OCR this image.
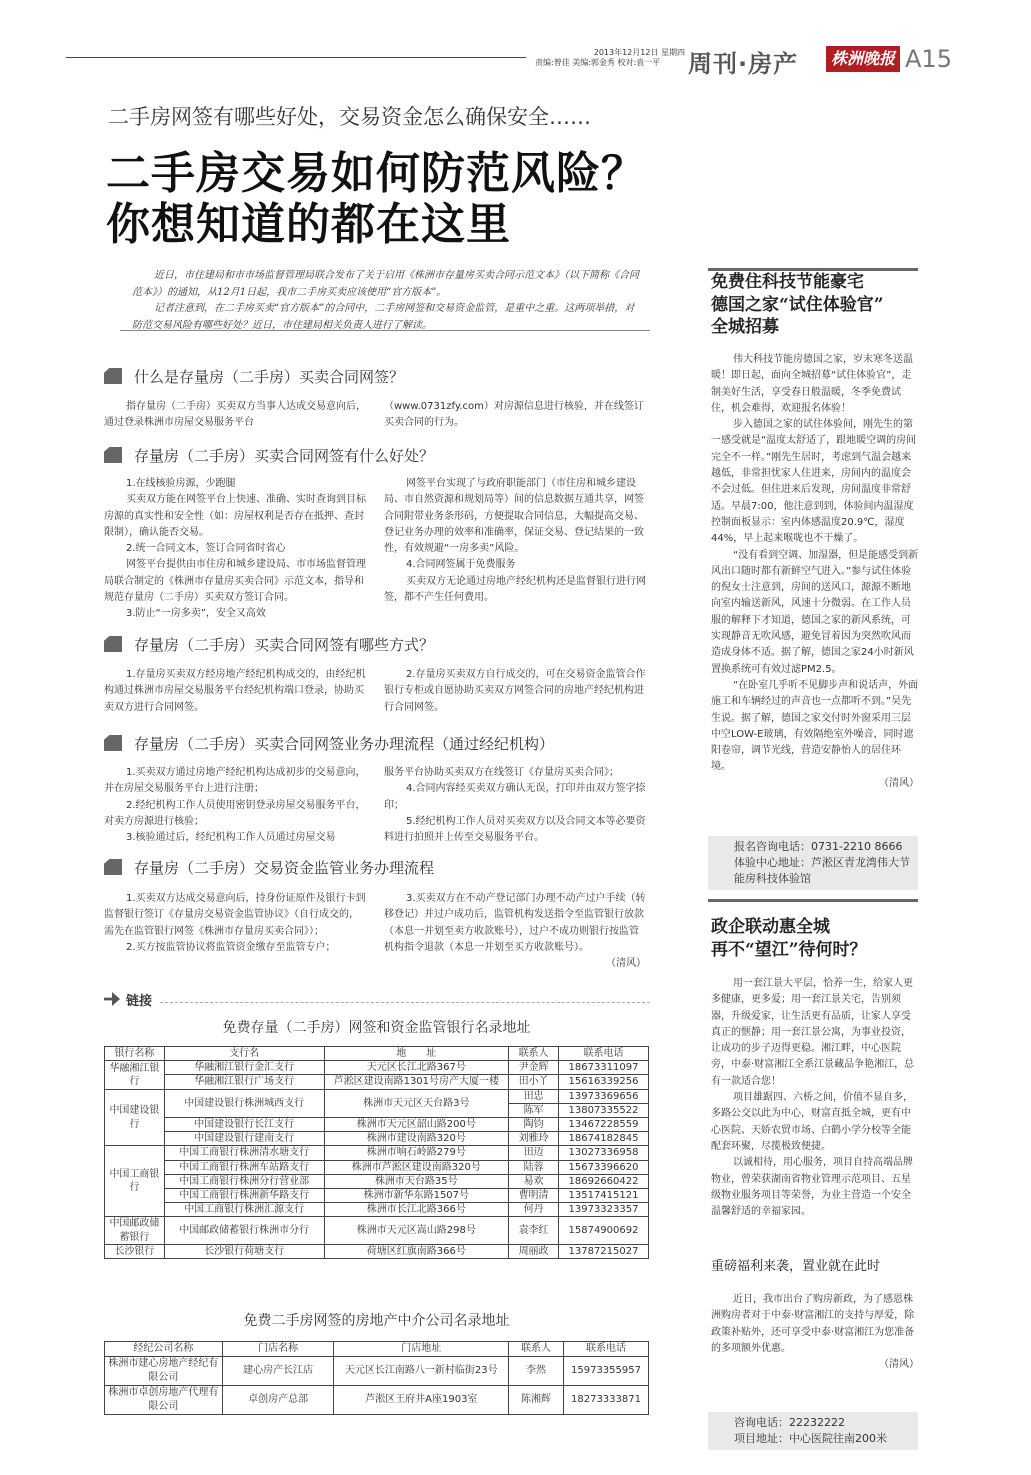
2013年12月12日 星期四
责编:曾佳 美编:郭金秀 校对:袁一平	周刊·房产	株洲晚报 A15
二手房网签有哪些好处，交易资金怎么确保安全……
二手房交易如何防范风险？
你想知道的都在这里

近日，市住建局和市市场监督管理局联合发布了关于启用《株洲市存量房买卖合同示范文本》（以下简称《合同范本》）的通知，从12月1日起，我市二手房买卖应该使用“官方版本”。

记者注意到，在二手房买卖“官方版本”的合同中，二手房网签和交易资金监管，是重中之重。这两项举措，对防范交易风险有哪些好处？近日，市住建局相关负责人进行了解读。

什么是存量房（二手房）买卖合同网签？

指存量房（二手房）买卖双方当事人达成交易意向后，通过登录株洲市房屋交易服务平台

（www.0731zfy.com）对房源信息进行核验，并在线签订买卖合同的行为。

存量房（二手房）买卖合同网签有什么好处？

1.在线核验房源，少跑腿

买卖双方能在网签平台上快速、准确、实时查询到目标房源的真实性和安全性（如：房屋权利是否存在抵押、查封限制），确认能否交易。

2.统一合同文本，签订合同省时省心

网签平台提供由市住房和城乡建设局、市市场监督管理局联合制定的《株洲市存量房买卖合同》示范文本，指导和规范存量房（二手房）买卖双方签订合同。

3.防止“一房多卖”，安全又高效

网签平台实现了与政府职能部门（市住房和城乡建设局、市自然资源和规划局等）间的信息数据互通共享，网签合同附带业务条形码，方便提取合同信息，大幅提高交易、登记业务办理的效率和准确率，保证交易、登记结果的一致性，有效规避“一房多卖”风险。

4.合同网签属于免费服务

买卖双方无论通过房地产经纪机构还是监督银行进行网签，都不产生任何费用。

存量房（二手房）买卖合同网签有哪些方式？

1.存量房买卖双方经房地产经纪机构成交的，由经纪机构通过株洲市房屋交易服务平台经纪机构端口登录，协助买卖双方进行合同网签。

2.存量房买卖双方自行成交的，可在交易资金监管合作银行专柜或自愿协助买卖双方网签合同的房地产经纪机构进行合同网签。

存量房（二手房）买卖合同网签业务办理流程（通过经纪机构）

1.买卖双方通过房地产经纪机构达成初步的交易意向，并在房屋交易服务平台上进行注册；

2.经纪机构工作人员使用密钥登录房屋交易服务平台，对卖方房源进行核验；

3.核验通过后，经纪机构工作人员通过房屋交易

服务平台协助买卖双方在线签订《存量房买卖合同》；

4.合同内容经买卖双方确认无误，打印并由双方签字捺印；

5.经纪机构工作人员对买卖双方以及合同文本等必要资料进行拍照并上传至交易服务平台。

存量房（二手房）交易资金监管业务办理流程

1.买卖双方达成交易意向后，持身份证原件及银行卡到监督银行签订《存量房交易资金监管协议》（自行成交的，需先在监管银行网签《株洲市存量房买卖合同》）；

2.买方按监管协议将监管资金缴存至监管专户；

3.买卖双方在不动产登记部门办理不动产过户手续（转移登记）并过户成功后，监管机构发送指令至监管银行放款（本息一并划至卖方收款账号），过户不成功则银行按监管机构指令退款（本息一并划至买方收款账号）。

（清风）

链接
免费存量（二手房）网签和资金监管银行名录地址
银行名称	支行名	地　　址	联系人	联系电话
华融湘江银行	华融湘江银行金汇支行	天元区长江北路367号	尹金辉	18673311097
	华融湘江银行广场支行	芦淞区建设南路1301号房产大厦一楼	田小丫	15616339256
中国建设银行	中国建设银行株洲城西支行	株洲市天元区天台路3号	田忠	13973369656
			陈军	13807335522
	中国建设银行长江支行	株洲市天元区韶山路200号	陶钧	13467228559
	中国建设银行建南支行	株洲市建设南路320号	刘雅玲	18674182845
中国工商银行	中国工商银行株洲清水塘支行	株洲市响石岭路279号	田迈	13027336958
	中国工商银行株洲车站路支行	株洲市芦淞区建设南路320号	陆蓉	15673396620
	中国工商银行株洲分行营业部	株洲市天台路35号	易欢	18692660422
	中国工商银行株洲新华路支行	株洲市新华东路1507号	曹明清	13517415121
	中国工商银行株洲汇源支行	株洲市长江北路366号	何丹	13973323357
中国邮政储蓄银行	中国邮政储蓄银行株洲市分行	株洲市天元区嵩山路298号	袁李红	15874900692
长沙银行	长沙银行荷塘支行	荷塘区红旗南路366号	周丽政	13787215027
免费二手房网签的房地产中介公司名录地址
经纪公司名称	门店名称	门店地址	联系人	联系电话
株洲市建心房地产经纪有限公司	建心房产长江店	天元区长江南路八一新村临街23号	李然	15973355957
株洲市卓创房地产代理有限公司	卓创房产总部	芦淞区王府井A座1903室	陈湘辉	18273333871
免费住科技节能豪宅
德国之家“试住体验官”
全城招募

伟大科技节能房德国之家，岁末寒冬送温暖！即日起，面向全城招募“试住体验官”，走制美好生活，享受春日般温暖，冬季免费试住，机会难得，欢迎报名体验！

步入德国之家的试住体验间，刚先生的第一感受就是“温度太舒适了，跟地暖空调的房间完全不一样。”刚先生居时，考虑到气温会越来越低，非常担忧家人住进来，房间内的温度会不会过低。但住进来后发现，房间温度非常舒适。早晨7:00，他注意到到，体验间内温湿度控制面板显示：室内体感温度20.9℃，湿度44%，早上起来喉咙也不干燥了。

“没有看到空调、加湿器，但是能感受到新风出口随时都有新鲜空气进入。”参与试住体验的倪女士注意到，房间的送风口，源源不断地向室内输送新风，风速十分微弱。在工作人员服的解释下才知道，德国之家的新风系统，可实现静音无吹风感，避免冒着因为突然吹风而造成身体不适。据了解，德国之家24小时新风置换系统可有效过滤PM2.5。

“在卧室几乎听不见脚步声和说话声，外面施工和车辆经过的声音也一点都听不到。”吴先生说。据了解，德国之家交付时外窗采用三层中空LOW-E玻璃，有效隔绝室外噪音，同时遮阳卷帘，调节光线，营造安静怡人的居住环境。

（清风）

报名咨询电话：0731-2210 8666
体验中心地址：芦淞区青龙湾伟大节能房科技体验馆
政企联动惠全城
再不“望江”待何时？

用一套江景大平层，恰养一生，给家人更多健康，更多爱；用一套江景关宅，告别须器，升级爱家，让生活更有品质，让家人享受真正的惬静；用一套江景公寓，为事业投资，让成功的步子迈得更稳。湘江畔，中心医院旁，中泰·财富湘江全系江景藏品争艳湘江，总有一款适合您！

项目雄踞四、六桥之间，价值不显自多，多路公交以此为中心，财富直抵全城，更有中心医院、天娇农贸市场、白鹤小学分校等全能配套环聚，尽揽极致便捷。

以诚相待，用心服务，项目自持高端品牌物业，曾荣获湖南省物业管理示范项目、五星级物业服务项目等荣誉，为业主营造一个安全温馨舒适的幸福家园。

重磅福利来袭，置业就在此时

近日，我市出台了购房新政，为了感恩株洲购房者对于中泰·财富湘江的支持与厚爱，除政策补贴外，还可享受中泰·财富湘江为您准备的多项额外优惠。

（清风）

咨询电话：22232222
项目地址：中心医院往南200米
